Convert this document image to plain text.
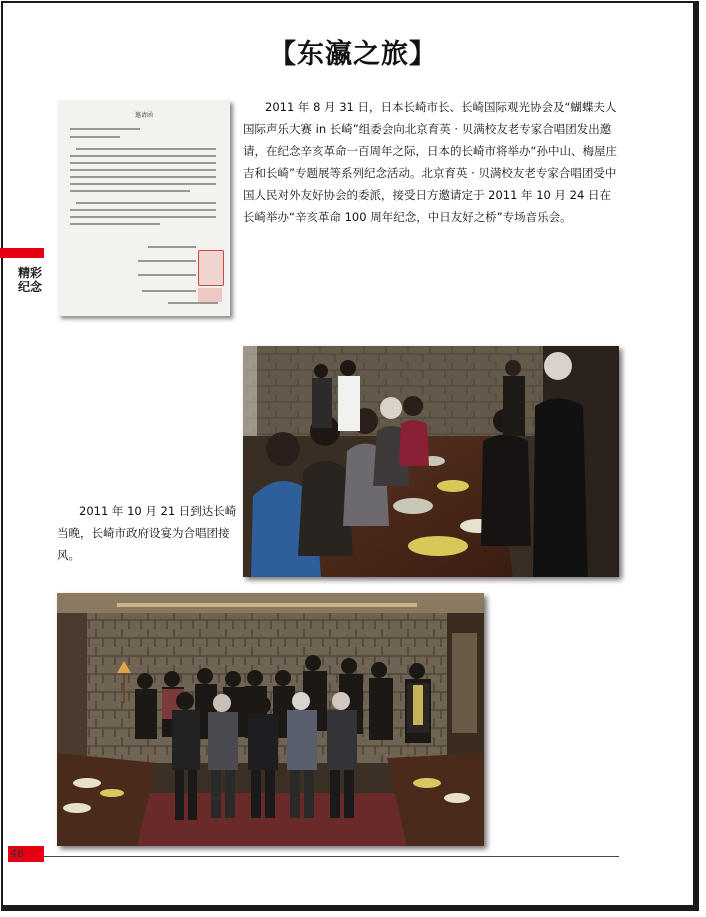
【东瀛之旅】
邀请函
2011 年 8 月 31 日，日本长崎市长、长崎国际观光协会及“蝴蝶夫人国际声乐大赛 in 长崎”组委会向北京育英 · 贝满校友老专家合唱团发出邀请，在纪念辛亥革命一百周年之际，日本的长崎市将举办“孙中山、梅屋庄吉和长崎”专题展等系列纪念活动。北京育英 · 贝满校友老专家合唱团受中国人民对外友好协会的委派，接受日方邀请定于 2011 年 10 月 24 日在长崎举办“辛亥革命 100 周年纪念，中日友好之桥”专场音乐会。
精彩纪念
2011 年 10 月 21 日到达长崎当晚，长崎市政府设宴为合唱团接风。
46
